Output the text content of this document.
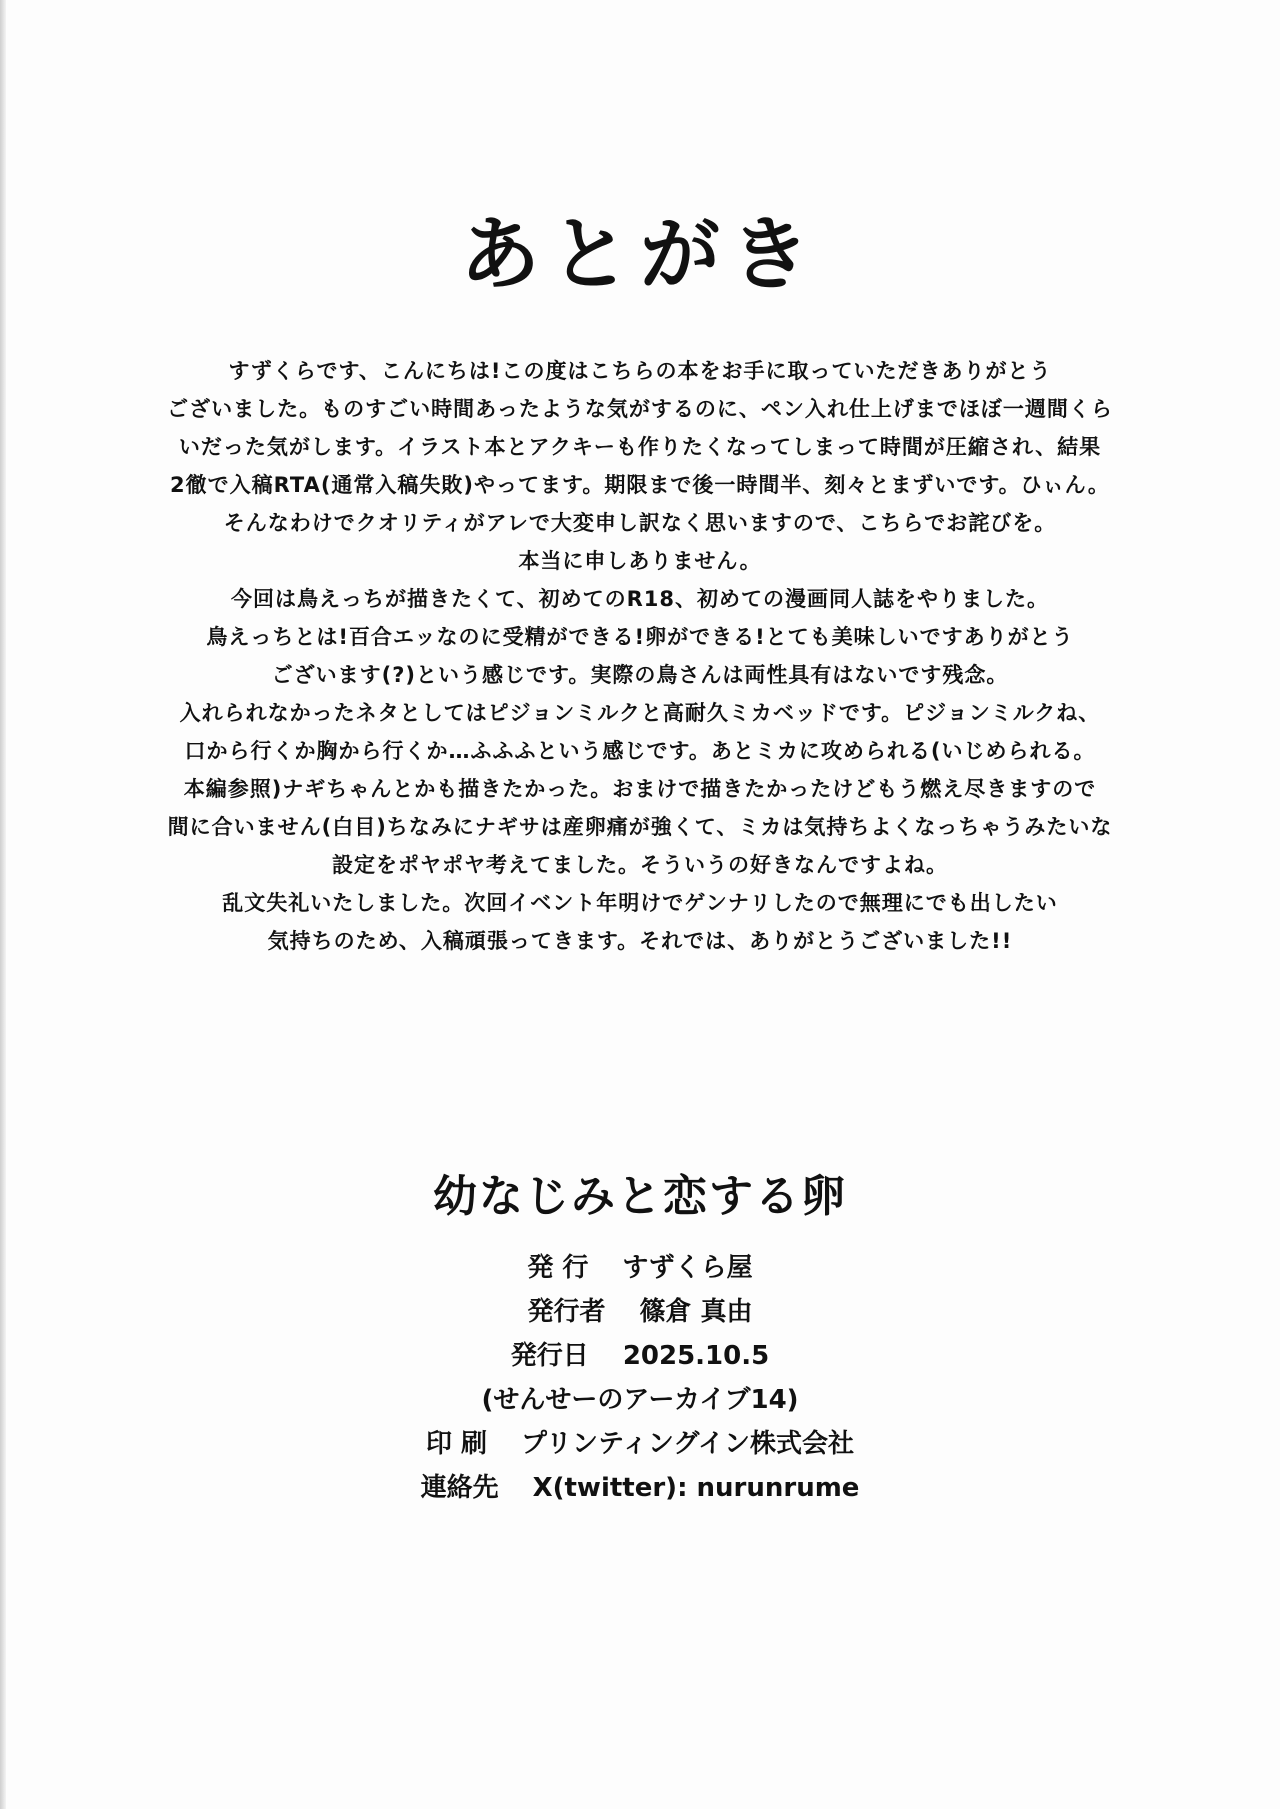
あとがき
すずくらです、こんにちは!この度はこちらの本をお手に取っていただきありがとう
ございました。ものすごい時間あったような気がするのに、ペン入れ仕上げまでほぼ一週間くら
いだった気がします。イラスト本とアクキーも作りたくなってしまって時間が圧縮され、結果
2徹で入稿RTA(通常入稿失敗)やってます。期限まで後一時間半、刻々とまずいです。ひぃん。
そんなわけでクオリティがアレで大変申し訳なく思いますので、こちらでお詫びを。
本当に申しありません。
今回は鳥えっちが描きたくて、初めてのR18、初めての漫画同人誌をやりました。
鳥えっちとは!百合エッなのに受精ができる!卵ができる!とても美味しいですありがとう
ございます(?)という感じです。実際の鳥さんは両性具有はないです残念。
入れられなかったネタとしてはピジョンミルクと高耐久ミカベッドです。ピジョンミルクね、
口から行くか胸から行くか…ふふふという感じです。あとミカに攻められる(いじめられる。
本編参照)ナギちゃんとかも描きたかった。おまけで描きたかったけどもう燃え尽きますので
間に合いません(白目)ちなみにナギサは産卵痛が強くて、ミカは気持ちよくなっちゃうみたいな
設定をポヤポヤ考えてました。そういうの好きなんですよね。
乱文失礼いたしました。次回イベント年明けでゲンナリしたので無理にでも出したい
気持ちのため、入稿頑張ってきます。それでは、ありがとうございました!!
幼なじみと恋する卵
発 行 すずくら屋
発行者 篠倉 真由
発行日 2025.10.5
(せんせーのアーカイブ14)
印 刷 プリンティングイン株式会社
連絡先 X(twitter): nurunrume
